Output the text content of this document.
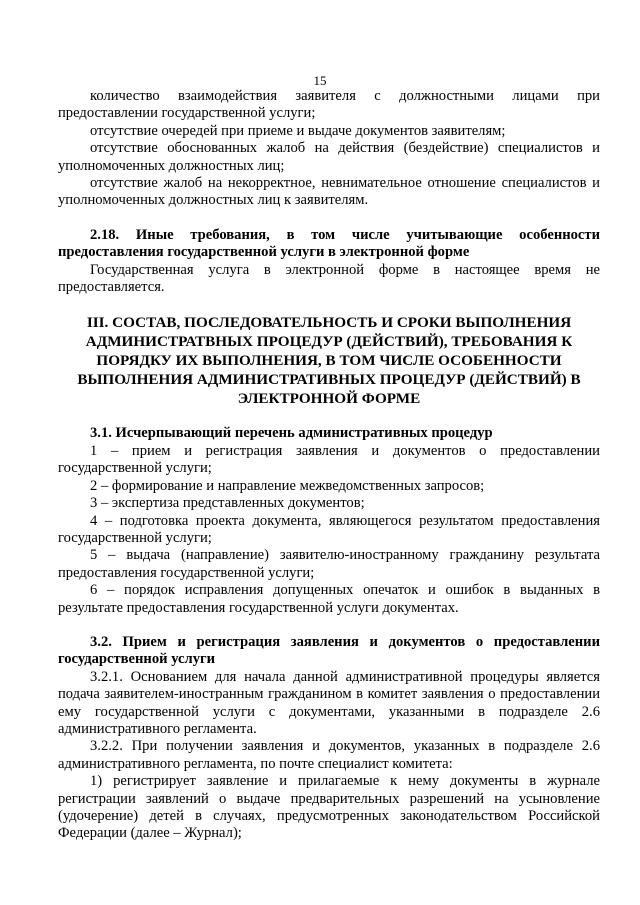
15

количество взаимодействия заявителя с должностными лицами при предоставлении государственной услуги;

отсутствие очередей при приеме и выдаче документов заявителям;

отсутствие обоснованных жалоб на действия (бездействие) специалистов и уполномоченных должностных лиц;

отсутствие жалоб на некорректное, невнимательное отношение специалистов и уполномоченных должностных лиц к заявителям.

2.18. Иные требования, в том числе учитывающие особенности предоставления государственной услуги в электронной форме

Государственная услуга в электронной форме в настоящее время не предоставляется.

III. СОСТАВ, ПОСЛЕДОВАТЕЛЬНОСТЬ И СРОКИ ВЫПОЛНЕНИЯ
АДМИНИСТРАТВНЫХ ПРОЦЕДУР (ДЕЙСТВИЙ), ТРЕБОВАНИЯ К
ПОРЯДКУ ИХ ВЫПОЛНЕНИЯ, В ТОМ ЧИСЛЕ ОСОБЕННОСТИ
ВЫПОЛНЕНИЯ АДМИНИСТРАТИВНЫХ ПРОЦЕДУР (ДЕЙСТВИЙ) В
ЭЛЕКТРОННОЙ ФОРМЕ

3.1. Исчерпывающий перечень административных процедур

1 – прием и регистрация заявления и документов о предоставлении государственной услуги;

2 – формирование и направление межведомственных запросов;

3 – экспертиза представленных документов;

4 – подготовка проекта документа, являющегося результатом предоставления государственной услуги;

5 – выдача (направление) заявителю-иностранному гражданину результата предоставления государственной услуги;

6 – порядок исправления допущенных опечаток и ошибок в выданных в результате предоставления государственной услуги документах.

3.2. Прием и регистрация заявления и документов о предоставлении государственной услуги

3.2.1. Основанием для начала данной административной процедуры является подача заявителем-иностранным гражданином в комитет заявления о предоставлении ему государственной услуги с документами, указанными в подразделе 2.6 административного регламента.

3.2.2. При получении заявления и документов, указанных в подразделе 2.6 административного регламента, по почте специалист комитета:

1) регистрирует заявление и прилагаемые к нему документы в журнале регистрации заявлений о выдаче предварительных разрешений на усыновление (удочерение) детей в случаях, предусмотренных законодательством Российской Федерации (далее – Журнал);
